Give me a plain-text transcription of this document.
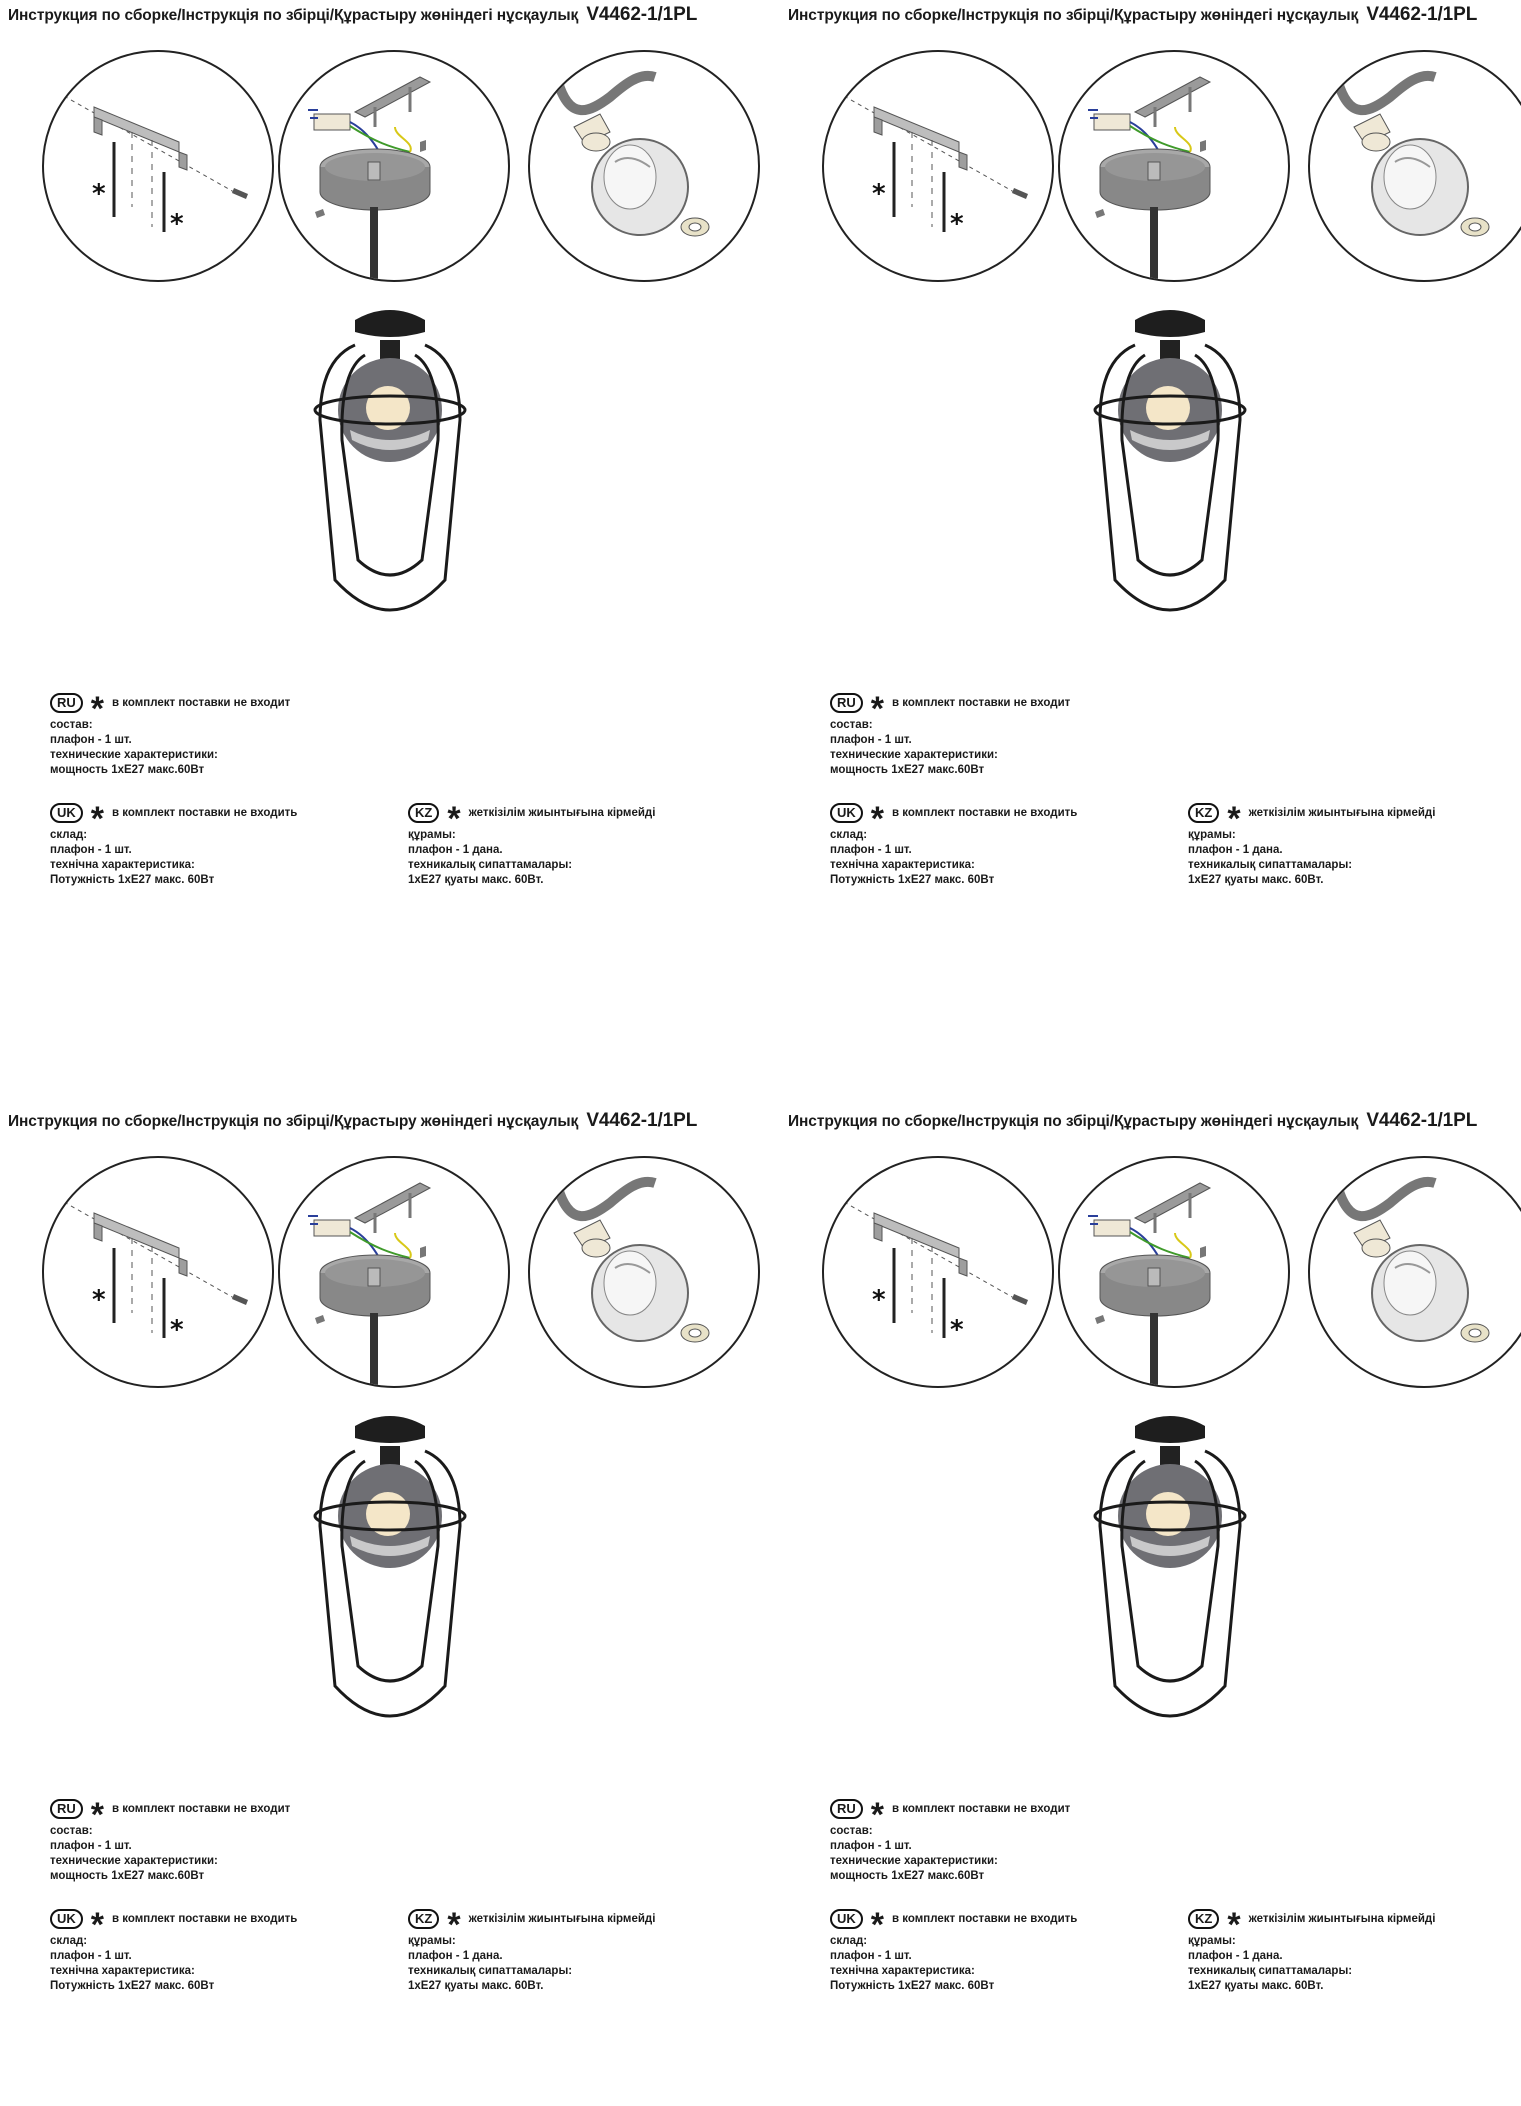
Инструкция по сборке/Інструкція по збірці/Құрастыру жөніндегі нұсқаулық V4462-1/1PL
*
*
RU * в комплект поставки не входит
состав:
плафон - 1 шт.
технические характеристики:
мощность 1хЕ27 макс.60Вт
UK * в комплект поставки не входить
склад:
плафон - 1 шт.
технічна характеристика:
Потужність 1хЕ27 макс. 60Вт
KZ * жеткізілім жиынтығына кірмейді
құрамы:
плафон - 1 дана.
техникалық сипаттамалары:
1хЕ27 қуаты макс. 60Вт.
Инструкция по сборке/Інструкція по збірці/Құрастыру жөніндегі нұсқаулық V4462-1/1PL
*
*
RU * в комплект поставки не входит
состав:
плафон - 1 шт.
технические характеристики:
мощность 1хЕ27 макс.60Вт
UK * в комплект поставки не входить
склад:
плафон - 1 шт.
технічна характеристика:
Потужність 1хЕ27 макс. 60Вт
KZ * жеткізілім жиынтығына кірмейді
құрамы:
плафон - 1 дана.
техникалық сипаттамалары:
1хЕ27 қуаты макс. 60Вт.
Инструкция по сборке/Інструкція по збірці/Құрастыру жөніндегі нұсқаулық V4462-1/1PL
*
*
RU * в комплект поставки не входит
состав:
плафон - 1 шт.
технические характеристики:
мощность 1хЕ27 макс.60Вт
UK * в комплект поставки не входить
склад:
плафон - 1 шт.
технічна характеристика:
Потужність 1хЕ27 макс. 60Вт
KZ * жеткізілім жиынтығына кірмейді
құрамы:
плафон - 1 дана.
техникалық сипаттамалары:
1хЕ27 қуаты макс. 60Вт.
Инструкция по сборке/Інструкція по збірці/Құрастыру жөніндегі нұсқаулық V4462-1/1PL
*
*
RU * в комплект поставки не входит
состав:
плафон - 1 шт.
технические характеристики:
мощность 1хЕ27 макс.60Вт
UK * в комплект поставки не входить
склад:
плафон - 1 шт.
технічна характеристика:
Потужність 1хЕ27 макс. 60Вт
KZ * жеткізілім жиынтығына кірмейді
құрамы:
плафон - 1 дана.
техникалық сипаттамалары:
1хЕ27 қуаты макс. 60Вт.
